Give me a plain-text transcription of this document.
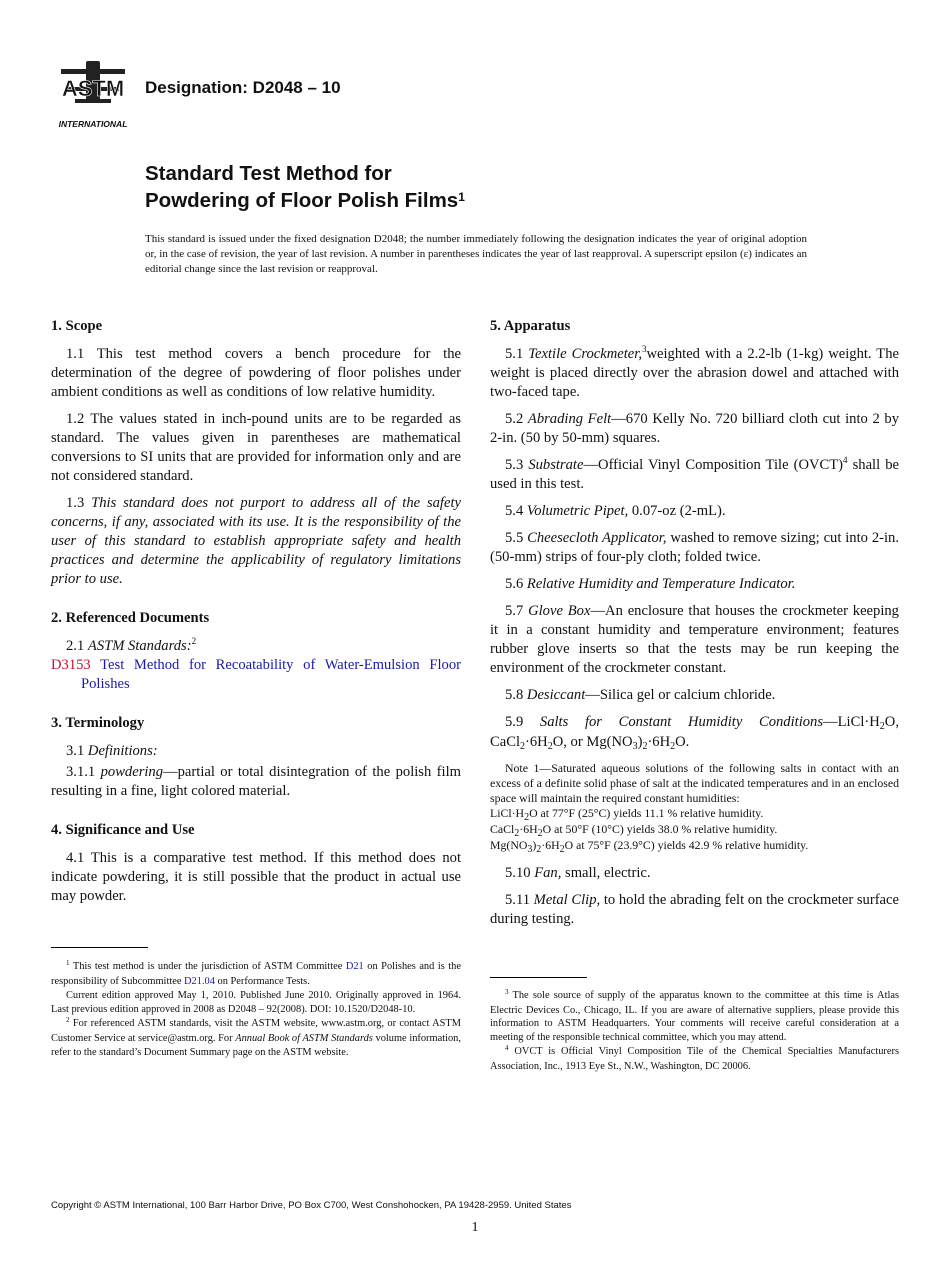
ASTM
INTERNATIONAL
Designation: D2048 – 10
Standard Test Method for
Powdering of Floor Polish Films$^1$
This standard is issued under the fixed designation D2048; the number immediately following the designation indicates the year of original adoption or, in the case of revision, the year of last revision. A number in parentheses indicates the year of last reapproval. A superscript epsilon (ε) indicates an editorial change since the last revision or reapproval.
1. Scope

1.1 This test method covers a bench procedure for the determination of the degree of powdering of floor polishes under ambient conditions as well as conditions of low relative humidity.

1.2 The values stated in inch-pound units are to be regarded as standard. The values given in parentheses are mathematical conversions to SI units that are provided for information only and are not considered standard.

1.3 This standard does not purport to address all of the safety concerns, if any, associated with its use. It is the responsibility of the user of this standard to establish appropriate safety and health practices and determine the applicability of regulatory limitations prior to use.

2. Referenced Documents

2.1 ASTM Standards:$^2$

D3153 Test Method for Recoatability of Water-Emulsion Floor Polishes
3. Terminology

3.1 Definitions:

3.1.1 powdering—partial or total disintegration of the polish film resulting in a fine, light colored material.

4. Significance and Use

4.1 This is a comparative test method. If this method does not indicate powdering, it is still possible that the product in actual use may powder.

$^1$ This test method is under the jurisdiction of ASTM Committee D21 on Polishes and is the responsibility of Subcommittee D21.04 on Performance Tests.

Current edition approved May 1, 2010. Published June 2010. Originally approved in 1964. Last previous edition approved in 2008 as D2048 – 92(2008). DOI: 10.1520/D2048-10.

$^2$ For referenced ASTM standards, visit the ASTM website, www.astm.org, or contact ASTM Customer Service at service@astm.org. For Annual Book of ASTM Standards volume information, refer to the standard’s Document Summary page on the ASTM website.

5. Apparatus

5.1 Textile Crockmeter,$^3$weighted with a 2.2-lb (1-kg) weight. The weight is placed directly over the abrasion dowel and attached with two-faced tape.

5.2 Abrading Felt—670 Kelly No. 720 billiard cloth cut into 2 by 2-in. (50 by 50-mm) squares.

5.3 Substrate—Official Vinyl Composition Tile (OVCT)$^4$ shall be used in this test.

5.4 Volumetric Pipet, 0.07-oz (2-mL).

5.5 Cheesecloth Applicator, washed to remove sizing; cut into 2-in. (50-mm) strips of four-ply cloth; folded twice.

5.6 Relative Humidity and Temperature Indicator.

5.7 Glove Box—An enclosure that houses the crockmeter keeping it in a constant humidity and temperature environment; features rubber glove inserts so that the tests may be run keeping the environment of the crockmeter constant.

5.8 Desiccant—Silica gel or calcium chloride.

5.9 Salts for Constant Humidity $Conditions—LiCl\cdot H_2O$, $CaCl_2\cdot 6H_2O$, or $Mg(NO_3)_2\cdot 6H_2O$.

Note 1—Saturated aqueous solutions of the following salts in contact with an excess of a definite solid phase of salt at the indicated temperatures and in an enclosed space will maintain the required constant humidities:

$LiCl\cdot H_2O$ at 77°F (25°C) yields 11.1 % relative humidity.

$CaCl_2\cdot 6H_2O$ at 50°F (10°C) yields 38.0 % relative humidity.

$Mg(NO_3)_2\cdot 6H_2O$ at 75°F (23.9°C) yields 42.9 % relative humidity.

5.10 Fan, small, electric.

5.11 Metal Clip, to hold the abrading felt on the crockmeter surface during testing.

$^3$ The sole source of supply of the apparatus known to the committee at this time is Atlas Electric Devices Co., Chicago, IL. If you are aware of alternative suppliers, please provide this information to ASTM Headquarters. Your comments will receive careful consideration at a meeting of the responsible technical committee, which you may attend.

$^4$ OVCT is Official Vinyl Composition Tile of the Chemical Specialties Manufacturers Association, Inc., 1913 Eye St., N.W., Washington, DC 20006.

Copyright © ASTM International, 100 Barr Harbor Drive, PO Box C700, West Conshohocken, PA 19428-2959. United States
1
